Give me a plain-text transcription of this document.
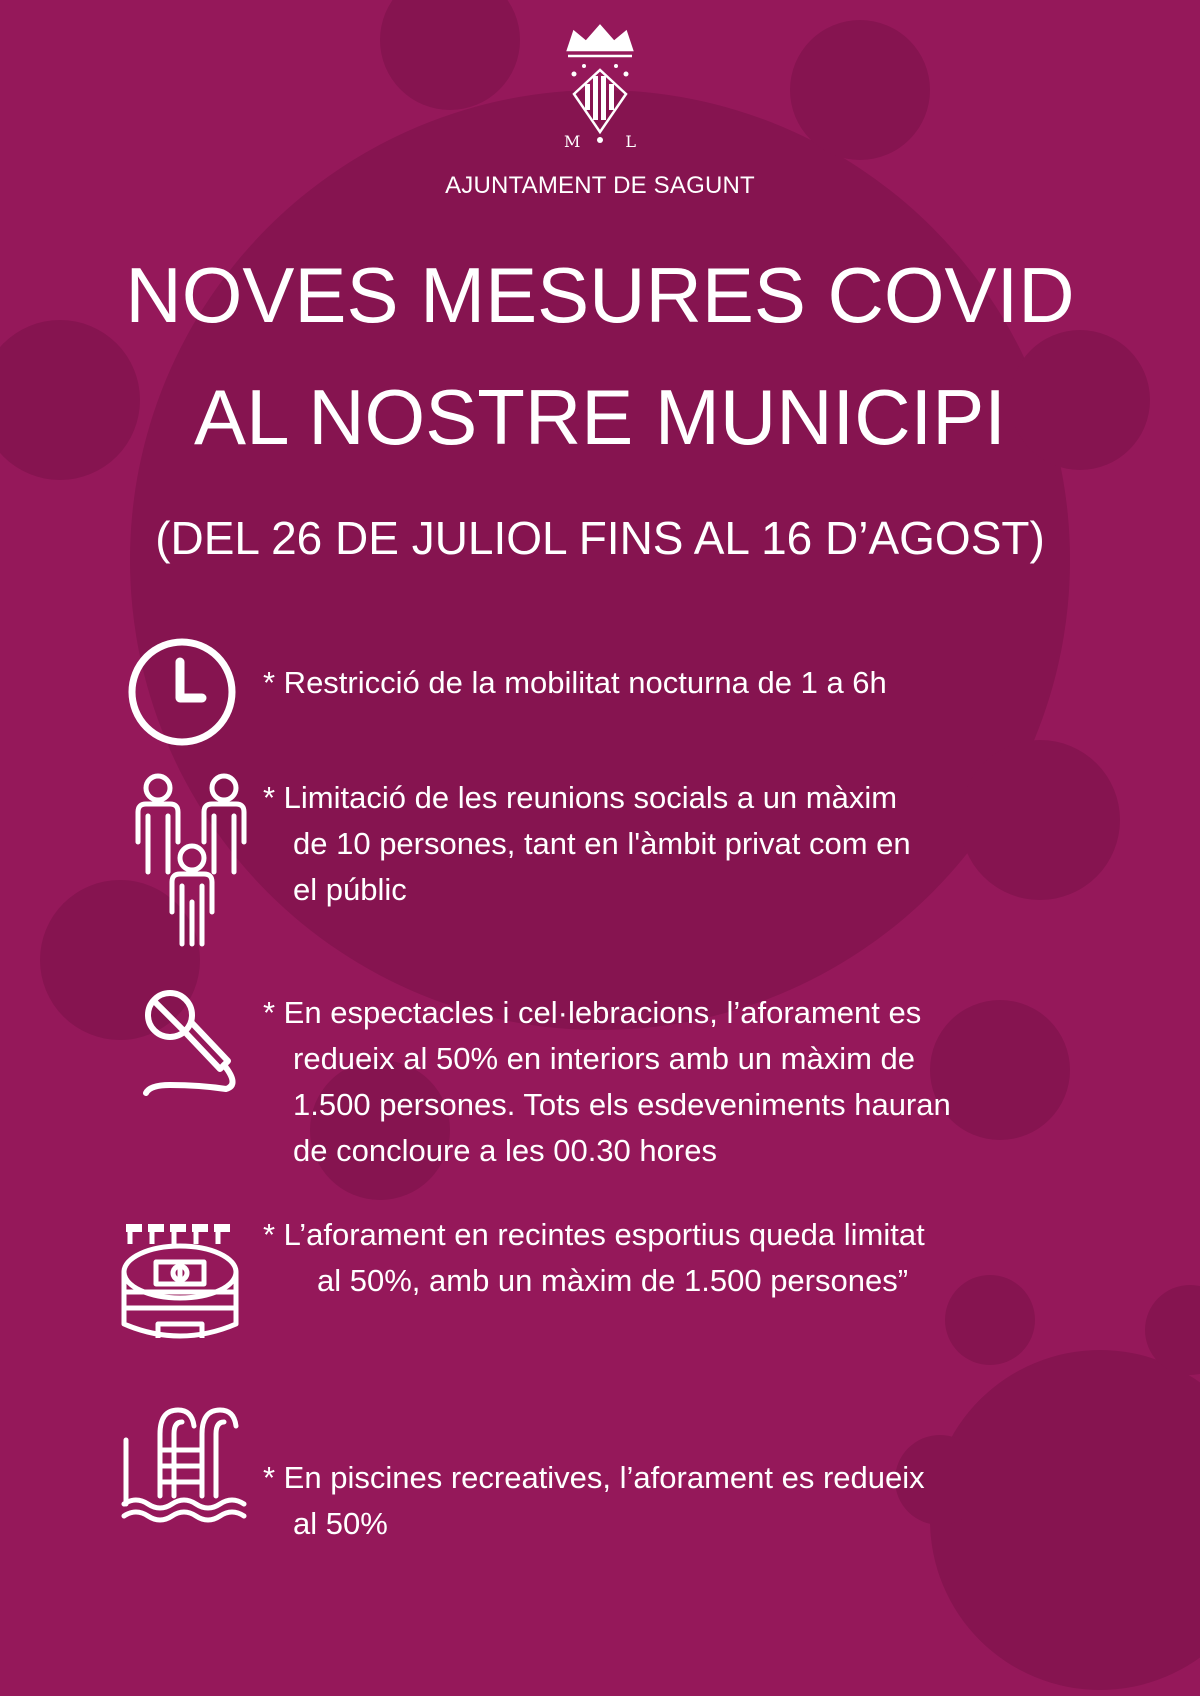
M	L
AJUNTAMENT DE SAGUNT
NOVES MESURES COVID
AL NOSTRE MUNICIPI
(DEL 26 DE JULIOL FINS AL 16 D’AGOST)
* Restricció de la mobilitat nocturna de 1 a 6h
* Limitació de les reunions socials a un màxim
de 10 persones, tant en l'àmbit privat com en
el públic
* En espectacles i cel·lebracions, l’aforament es
redueix al 50% en interiors amb un màxim de
1.500 persones. Tots els esdeveniments hauran
de concloure a les 00.30 hores
* L’aforament en recintes esportius queda limitat
al 50%, amb un màxim de 1.500 persones”
* En piscines recreatives, l’aforament es redueix
al 50%
